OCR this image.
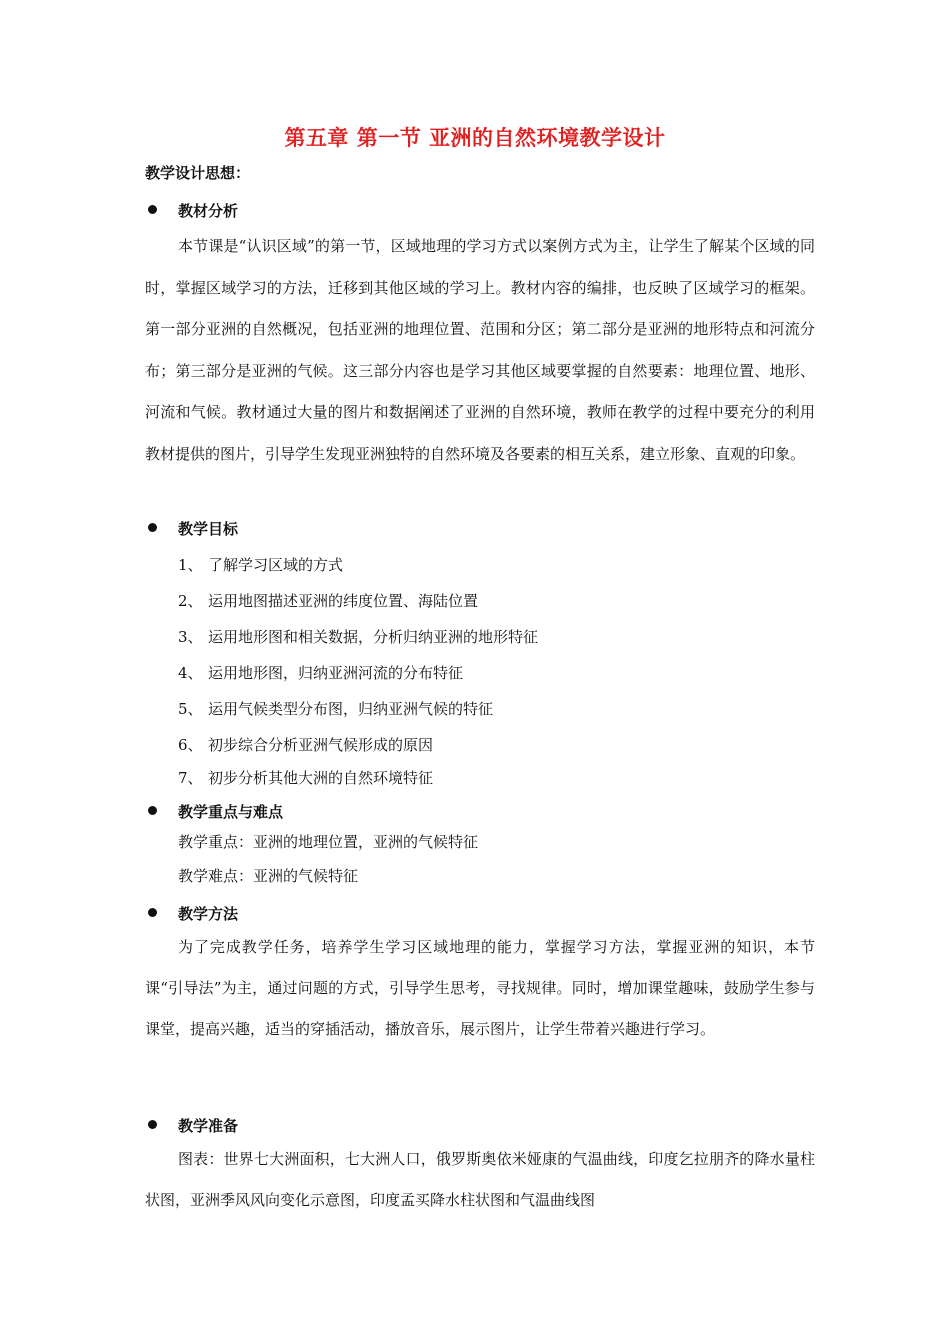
第五章 第一节 亚洲的自然环境教学设计
教学设计思想：
教材分析

本节课是“认识区域”的第一节，区域地理的学习方式以案例方式为主，让学生了解某个区域的同时，掌握区域学习的方法，迁移到其他区域的学习上。教材内容的编排，也反映了区域学习的框架。第一部分亚洲的自然概况，包括亚洲的地理位置、范围和分区；第二部分是亚洲的地形特点和河流分布；第三部分是亚洲的气候。这三部分内容也是学习其他区域要掌握的自然要素：地理位置、地形、河流和气候。教材通过大量的图片和数据阐述了亚洲的自然环境，教师在教学的过程中要充分的利用教材提供的图片，引导学生发现亚洲独特的自然环境及各要素的相互关系，建立形象、直观的印象。

教学目标
1、 了解学习区域的方式
2、 运用地图描述亚洲的纬度位置、海陆位置
3、 运用地形图和相关数据，分析归纳亚洲的地形特征
4、 运用地形图，归纳亚洲河流的分布特征
5、 运用气候类型分布图，归纳亚洲气候的特征
6、 初步综合分析亚洲气候形成的原因
7、 初步分析其他大洲的自然环境特征
教学重点与难点
教学重点：亚洲的地理位置，亚洲的气候特征
教学难点：亚洲的气候特征
教学方法

为了完成教学任务，培养学生学习区域地理的能力，掌握学习方法，掌握亚洲的知识，本节课“引导法”为主，通过问题的方式，引导学生思考，寻找规律。同时，增加课堂趣味，鼓励学生参与课堂，提高兴趣，适当的穿插活动，播放音乐，展示图片，让学生带着兴趣进行学习。

教学准备

图表：世界七大洲面积，七大洲人口，俄罗斯奥依米娅康的气温曲线，印度乞拉朋齐的降水量柱状图，亚洲季风风向变化示意图，印度孟买降水柱状图和气温曲线图
